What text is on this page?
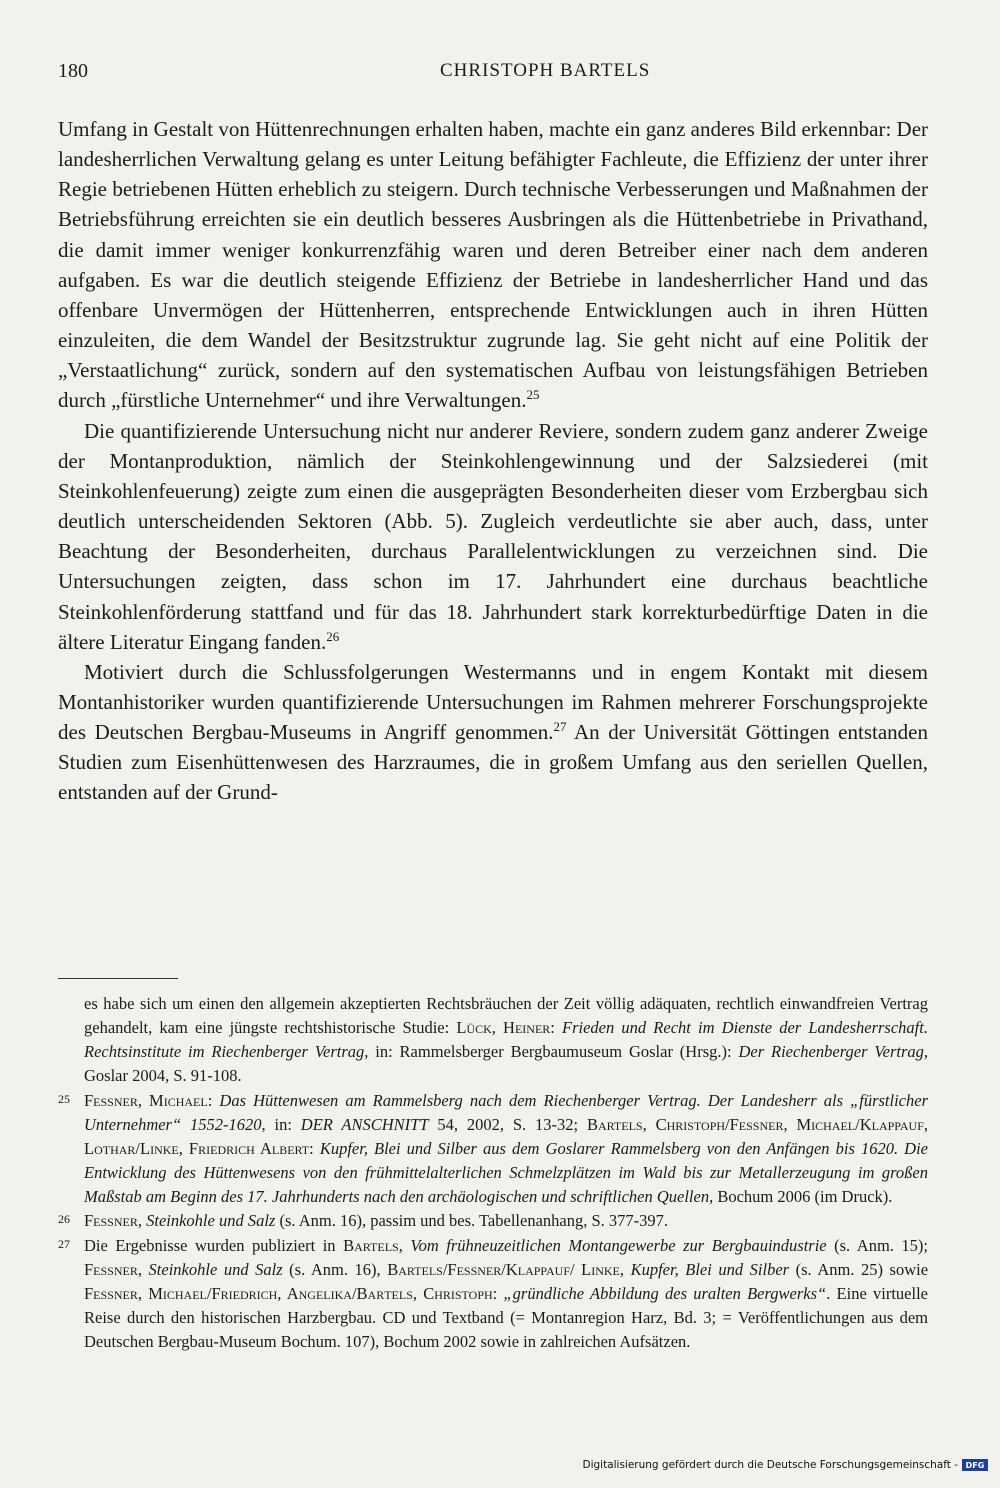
180	CHRISTOPH BARTELS

Umfang in Gestalt von Hüttenrechnungen erhalten haben, machte ein ganz anderes Bild erkennbar: Der landesherrlichen Verwaltung gelang es unter Leitung befähigter Fachleute, die Effizienz der unter ihrer Regie betriebenen Hütten erheblich zu steigern. Durch technische Verbesserungen und Maßnahmen der Betriebsführung erreichten sie ein deutlich besseres Ausbringen als die Hüttenbetriebe in Privathand, die damit immer weniger konkurrenzfähig waren und deren Betreiber einer nach dem anderen aufgaben. Es war die deutlich steigende Effizienz der Betriebe in landesherrlicher Hand und das offenbare Unvermögen der Hüttenherren, entsprechende Entwicklungen auch in ihren Hütten einzuleiten, die dem Wandel der Besitzstruktur zugrunde lag. Sie geht nicht auf eine Politik der „Verstaatlichung“ zurück, sondern auf den systematischen Aufbau von leistungsfähigen Betrieben durch „fürstliche Unternehmer“ und ihre Verwaltungen.$^{25}$

Die quantifizierende Untersuchung nicht nur anderer Reviere, sondern zudem ganz anderer Zweige der Montanproduktion, nämlich der Steinkohlengewinnung und der Salzsiederei (mit Steinkohlenfeuerung) zeigte zum einen die ausgeprägten Besonderheiten dieser vom Erzbergbau sich deutlich unterscheidenden Sektoren (Abb. 5). Zugleich verdeutlichte sie aber auch, dass, unter Beachtung der Besonderheiten, durchaus Parallelentwicklungen zu verzeichnen sind. Die Untersuchungen zeigten, dass schon im 17. Jahrhundert eine durchaus beachtliche Steinkohlenförderung stattfand und für das 18. Jahrhundert stark korrekturbedürftige Daten in die ältere Literatur Eingang fanden.$^{26}$

Motiviert durch die Schlussfolgerungen Westermanns und in engem Kontakt mit diesem Montanhistoriker wurden quantifizierende Untersuchungen im Rahmen mehrerer Forschungsprojekte des Deutschen Bergbau-Museums in Angriff genommen.$^{27}$ An der Universität Göttingen entstanden Studien zum Eisenhüttenwesen des Harzraumes, die in großem Umfang aus den seriellen Quellen, entstanden auf der Grund-

es habe sich um einen den allgemein akzeptierten Rechtsbräuchen der Zeit völlig adäquaten, rechtlich einwandfreien Vertrag gehandelt, kam eine jüngste rechtshistorische Studie: Lück, Heiner: Frieden und Recht im Dienste der Landesherrschaft. Rechtsinstitute im Riechenberger Vertrag, in: Rammelsberger Bergbaumuseum Goslar (Hrsg.): Der Riechenberger Vertrag, Goslar 2004, S. 91-108.

25 Fessner, Michael: Das Hüttenwesen am Rammelsberg nach dem Riechenberger Vertrag. Der Landesherr als „fürstlicher Unternehmer“ 1552-1620, in: DER ANSCHNITT 54, 2002, S. 13-32; Bartels, Christoph/Fessner, Michael/Klappauf, Lothar/Linke, Friedrich Albert: Kupfer, Blei und Silber aus dem Goslarer Rammelsberg von den Anfängen bis 1620. Die Entwicklung des Hüttenwesens von den frühmittelalterlichen Schmelzplätzen im Wald bis zur Metallerzeugung im großen Maßstab am Beginn des 17. Jahrhunderts nach den archäologischen und schriftlichen Quellen, Bochum 2006 (im Druck).

26 Fessner, Steinkohle und Salz (s. Anm. 16), passim und bes. Tabellenanhang, S. 377-397.

27 Die Ergebnisse wurden publiziert in Bartels, Vom frühneuzeitlichen Montangewerbe zur Bergbauindustrie (s. Anm. 15); Fessner, Steinkohle und Salz (s. Anm. 16), Bartels/Fessner/Klappauf/ Linke, Kupfer, Blei und Silber (s. Anm. 25) sowie Fessner, Michael/Friedrich, Angelika/Bartels, Christoph: „gründliche Abbildung des uralten Bergwerks“. Eine virtuelle Reise durch den historischen Harzbergbau. CD und Textband (= Montanregion Harz, Bd. 3; = Veröffentlichungen aus dem Deutschen Bergbau-Museum Bochum. 107), Bochum 2002 sowie in zahlreichen Aufsätzen.

Digitalisierung gefördert durch die Deutsche Forschungsgemeinschaft - DFG
